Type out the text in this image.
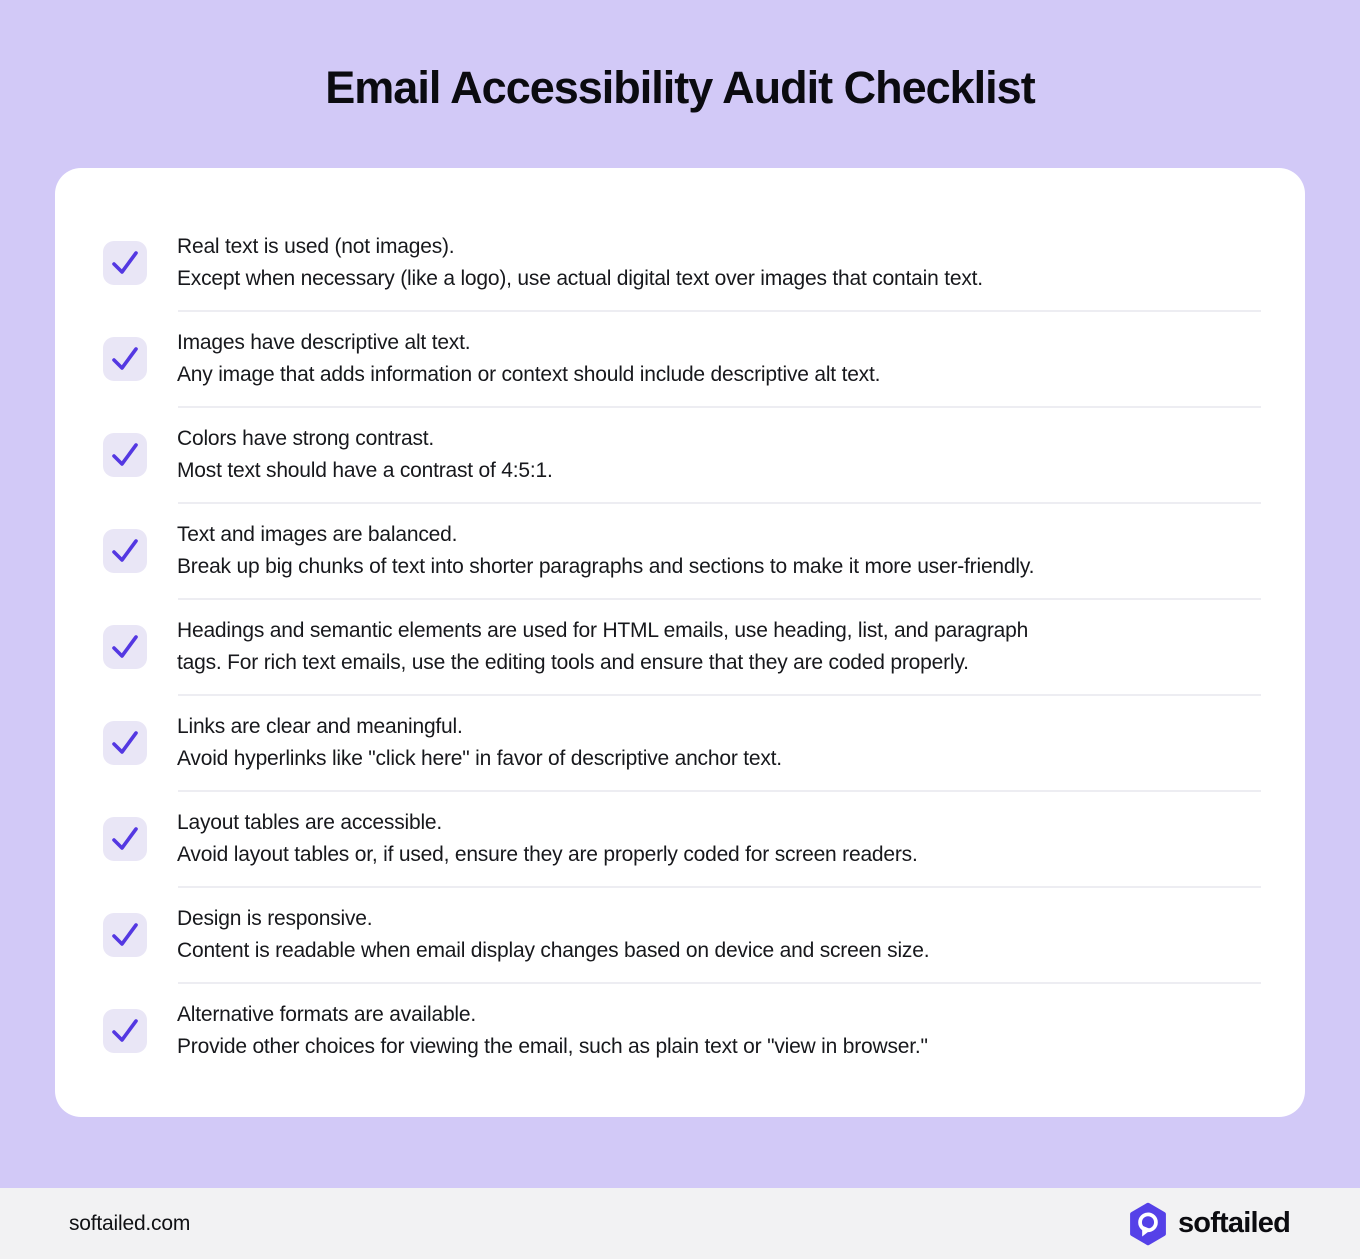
Email Accessibility Audit Checklist
Real text is used (not images).
Except when necessary (like a logo), use actual digital text over images that contain text.
Images have descriptive alt text.
Any image that adds information or context should include descriptive alt text.
Colors have strong contrast.
Most text should have a contrast of 4:5:1.
Text and images are balanced.
Break up big chunks of text into shorter paragraphs and sections to make it more user-friendly.
Headings and semantic elements are used for HTML emails, use heading, list, and paragraph
tags. For rich text emails, use the editing tools and ensure that they are coded properly.
Links are clear and meaningful.
Avoid hyperlinks like "click here" in favor of descriptive anchor text.
Layout tables are accessible.
Avoid layout tables or, if used, ensure they are properly coded for screen readers.
Design is responsive.
Content is readable when email display changes based on device and screen size.
Alternative formats are available.
Provide other choices for viewing the email, such as plain text or "view in browser."
softailed.com	softailed
